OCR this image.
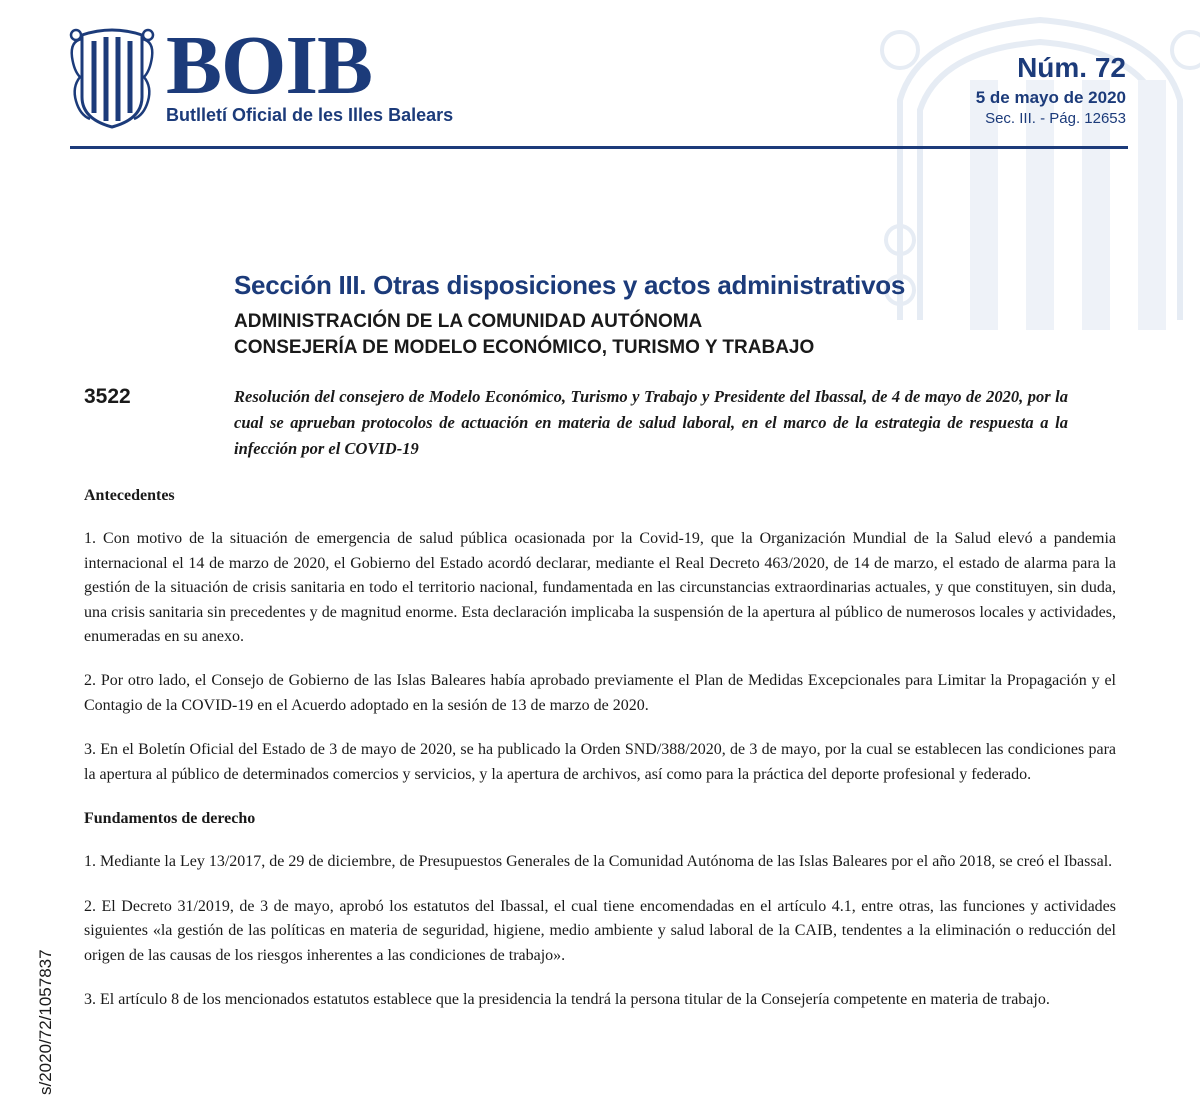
BOIB
Butlletí Oficial de les Illes Balears
Núm. 72
5 de mayo de 2020
Sec. III. - Pág. 12653
Sección III. Otras disposiciones y actos administrativos
ADMINISTRACIÓN DE LA COMUNIDAD AUTÓNOMA
CONSEJERÍA DE MODELO ECONÓMICO, TURISMO Y TRABAJO
3522	Resolución del consejero de Modelo Económico, Turismo y Trabajo y Presidente del Ibassal, de 4 de mayo de 2020, por la cual se aprueban protocolos de actuación en materia de salud laboral, en el marco de la estrategia de respuesta a la infección por el COVID-19
Antecedentes

1. Con motivo de la situación de emergencia de salud pública ocasionada por la Covid-19, que la Organización Mundial de la Salud elevó a pandemia internacional el 14 de marzo de 2020, el Gobierno del Estado acordó declarar, mediante el Real Decreto 463/2020, de 14 de marzo, el estado de alarma para la gestión de la situación de crisis sanitaria en todo el territorio nacional, fundamentada en las circunstancias extraordinarias actuales, y que constituyen, sin duda, una crisis sanitaria sin precedentes y de magnitud enorme. Esta declaración implicaba la suspensión de la apertura al público de numerosos locales y actividades, enumeradas en su anexo.

2. Por otro lado, el Consejo de Gobierno de las Islas Baleares había aprobado previamente el Plan de Medidas Excepcionales para Limitar la Propagación y el Contagio de la COVID-19 en el Acuerdo adoptado en la sesión de 13 de marzo de 2020.

3. En el Boletín Oficial del Estado de 3 de mayo de 2020, se ha publicado la Orden SND/388/2020, de 3 de mayo, por la cual se establecen las condiciones para la apertura al público de determinados comercios y servicios, y la apertura de archivos, así como para la práctica del deporte profesional y federado.

Fundamentos de derecho

1. Mediante la Ley 13/2017, de 29 de diciembre, de Presupuestos Generales de la Comunidad Autónoma de las Islas Baleares por el año 2018, se creó el Ibassal.

2. El Decreto 31/2019, de 3 de mayo, aprobó los estatutos del Ibassal, el cual tiene encomendadas en el artículo 4.1, entre otras, las funciones y actividades siguientes «la gestión de las políticas en materia de seguridad, higiene, medio ambiente y salud laboral de la CAIB, tendentes a la eliminación o reducción del origen de las causas de los riesgos inherentes a las condiciones de trabajo».

3. El artículo 8 de los mencionados estatutos establece que la presidencia la tendrá la persona titular de la Consejería competente en materia de trabajo.

s/2020/72/1057837
